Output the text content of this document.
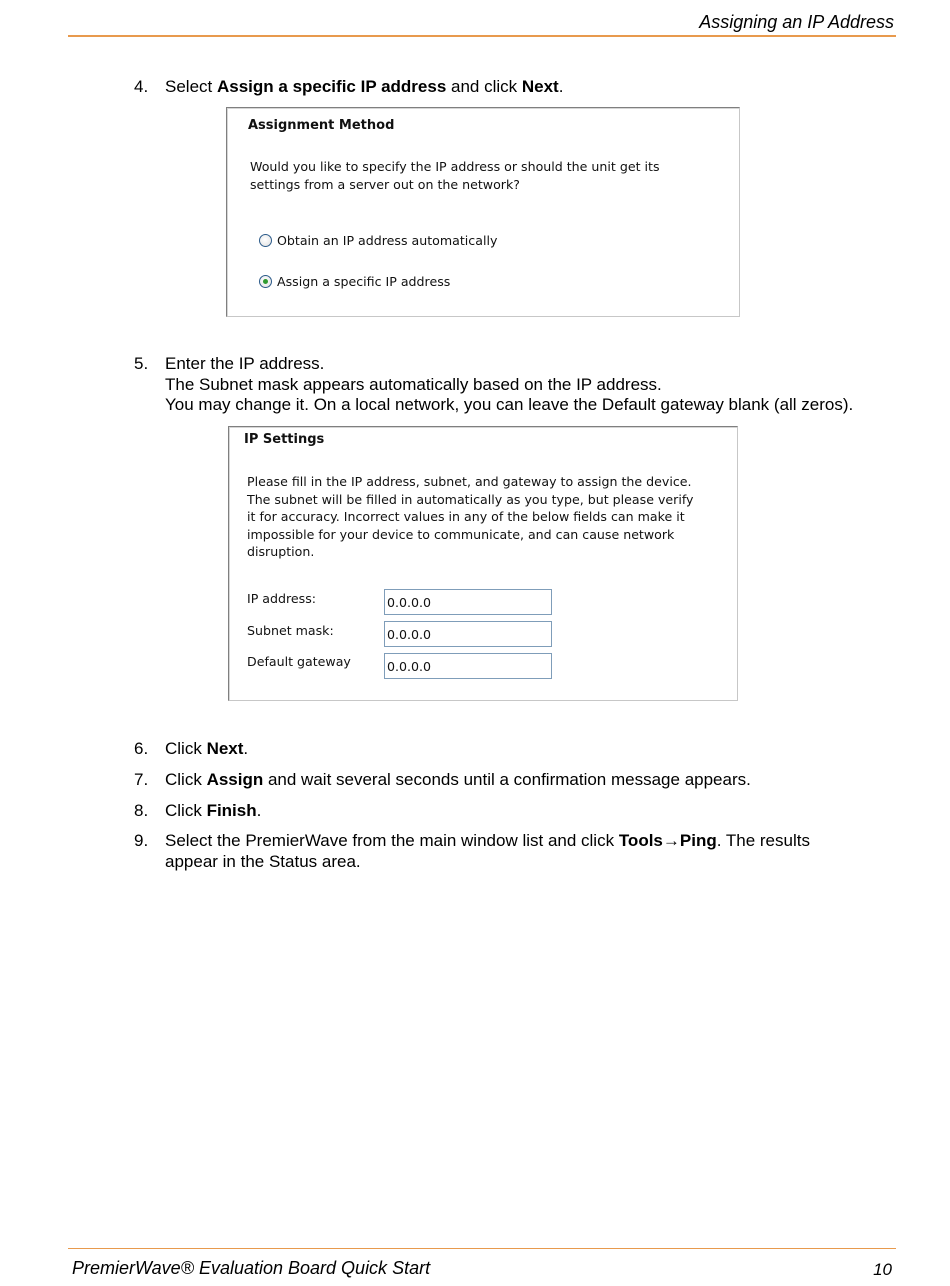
Assigning an IP Address
4. Select Assign a specific IP address and click Next.
Assignment Method
Would you like to specify the IP address or should the unit get its
settings from a server out on the network?
Obtain an IP address automatically
Assign a specific IP address
5. Enter the IP address.
The Subnet mask appears automatically based on the IP address.
You may change it. On a local network, you can leave the Default gateway blank (all zeros).
IP Settings
Please fill in the IP address, subnet, and gateway to assign the device.
The subnet will be filled in automatically as you type, but please verify
it for accuracy. Incorrect values in any of the below fields can make it
impossible for your device to communicate, and can cause network
disruption.
IP address:	0.0.0.0
Subnet mask:	0.0.0.0
Default gateway	0.0.0.0
6. Click Next.
7. Click Assign and wait several seconds until a confirmation message appears.
8. Click Finish.
9. Select the PremierWave from the main window list and click Tools→Ping. The results
appear in the Status area.
PremierWave® Evaluation Board Quick Start	10
